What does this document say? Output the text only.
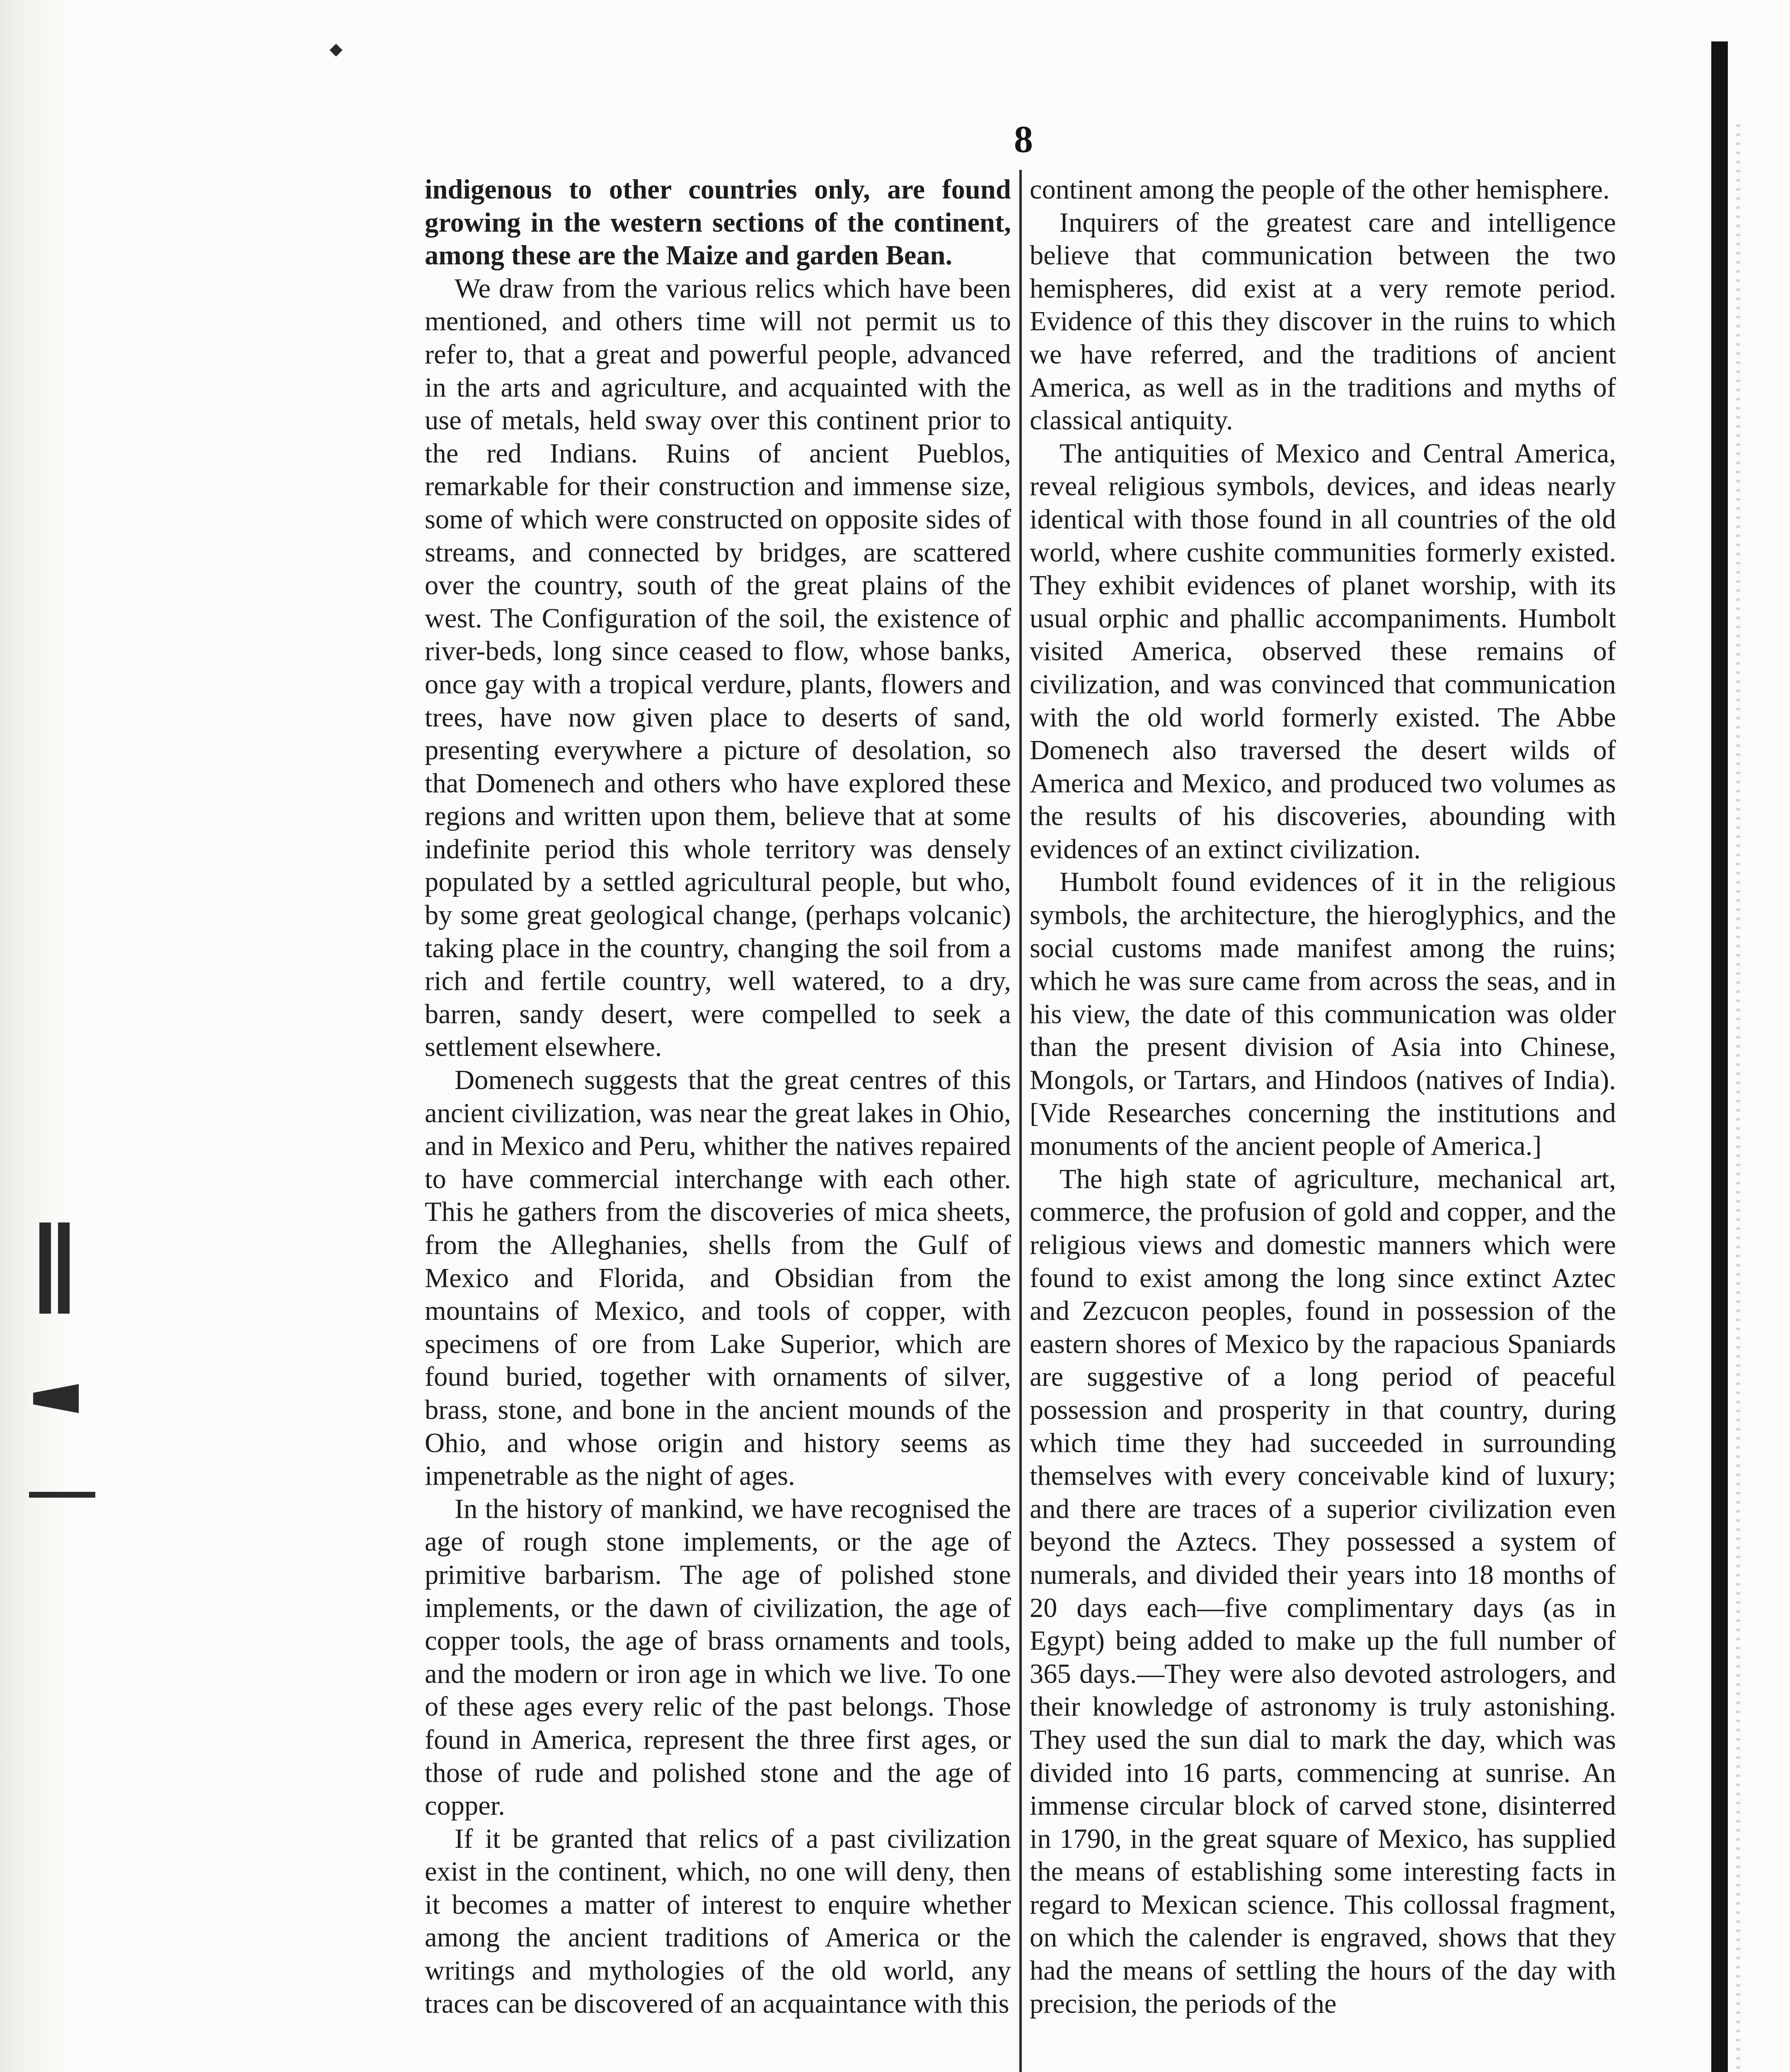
8

indigenous to other countries only, are found growing in the western sections of the continent, among these are the Maize and garden Bean.

We draw from the various relics which have been mentioned, and others time will not permit us to refer to, that a great and powerful people, advanced in the arts and agriculture, and acquainted with the use of metals, held sway over this continent prior to the red Indians. Ruins of ancient Pueblos, remarkable for their construction and immense size, some of which were constructed on opposite sides of streams, and connected by bridges, are scattered over the country, south of the great plains of the west. The Configuration of the soil, the existence of river-beds, long since ceased to flow, whose banks, once gay with a tropical verdure, plants, flowers and trees, have now given place to deserts of sand, presenting everywhere a picture of desolation, so that Domenech and others who have explored these regions and written upon them, believe that at some indefinite period this whole territory was densely populated by a settled agricultural people, but who, by some great geological change, (perhaps volcanic) taking place in the country, changing the soil from a rich and fertile country, well watered, to a dry, barren, sandy desert, were compelled to seek a settlement elsewhere.

Domenech suggests that the great centres of this ancient civilization, was near the great lakes in Ohio, and in Mexico and Peru, whither the natives repaired to have commercial interchange with each other. This he gathers from the discoveries of mica sheets, from the Alleghanies, shells from the Gulf of Mexico and Florida, and Obsidian from the mountains of Mexico, and tools of copper, with specimens of ore from Lake Superior, which are found buried, together with ornaments of silver, brass, stone, and bone in the ancient mounds of the Ohio, and whose origin and history seems as impenetrable as the night of ages.

In the history of mankind, we have recognised the age of rough stone implements, or the age of primitive barbarism. The age of polished stone implements, or the dawn of civilization, the age of copper tools, the age of brass ornaments and tools, and the modern or iron age in which we live. To one of these ages every relic of the past belongs. Those found in America, represent the three first ages, or those of rude and polished stone and the age of copper.

If it be granted that relics of a past civilization exist in the continent, which, no one will deny, then it becomes a matter of interest to enquire whether among the ancient traditions of America or the writings and mythologies of the old world, any traces can be discovered of an acquaintance with this

continent among the people of the other hemisphere.

Inquirers of the greatest care and intelligence believe that communication between the two hemispheres, did exist at a very remote period. Evidence of this they discover in the ruins to which we have referred, and the traditions of ancient America, as well as in the traditions and myths of classical antiquity.

The antiquities of Mexico and Central America, reveal religious symbols, devices, and ideas nearly identical with those found in all countries of the old world, where cushite communities formerly existed. They exhibit evidences of planet worship, with its usual orphic and phallic accompaniments. Humbolt visited America, observed these remains of civilization, and was convinced that communication with the old world formerly existed. The Abbe Domenech also traversed the desert wilds of America and Mexico, and produced two volumes as the results of his discoveries, abounding with evidences of an extinct civilization.

Humbolt found evidences of it in the religious symbols, the architecture, the hieroglyphics, and the social customs made manifest among the ruins; which he was sure came from across the seas, and in his view, the date of this communication was older than the present division of Asia into Chinese, Mongols, or Tartars, and Hindoos (natives of India). [Vide Researches concerning the institutions and monuments of the ancient people of America.]

The high state of agriculture, mechanical art, commerce, the profusion of gold and copper, and the religious views and domestic manners which were found to exist among the long since extinct Aztec and Zezcucon peoples, found in possession of the eastern shores of Mexico by the rapacious Spaniards are suggestive of a long period of peaceful possession and prosperity in that country, during which time they had succeeded in surrounding themselves with every conceivable kind of luxury; and there are traces of a superior civilization even beyond the Aztecs. They possessed a system of numerals, and divided their years into 18 months of 20 days each—five complimentary days (as in Egypt) being added to make up the full number of 365 days.—They were also devoted astrologers, and their knowledge of astronomy is truly astonishing. They used the sun dial to mark the day, which was divided into 16 parts, commencing at sunrise. An immense circular block of carved stone, disinterred in 1790, in the great square of Mexico, has supplied the means of establishing some interesting facts in regard to Mexican science. This collossal fragment, on which the calender is engraved, shows that they had the means of settling the hours of the day with precision, the periods of the
